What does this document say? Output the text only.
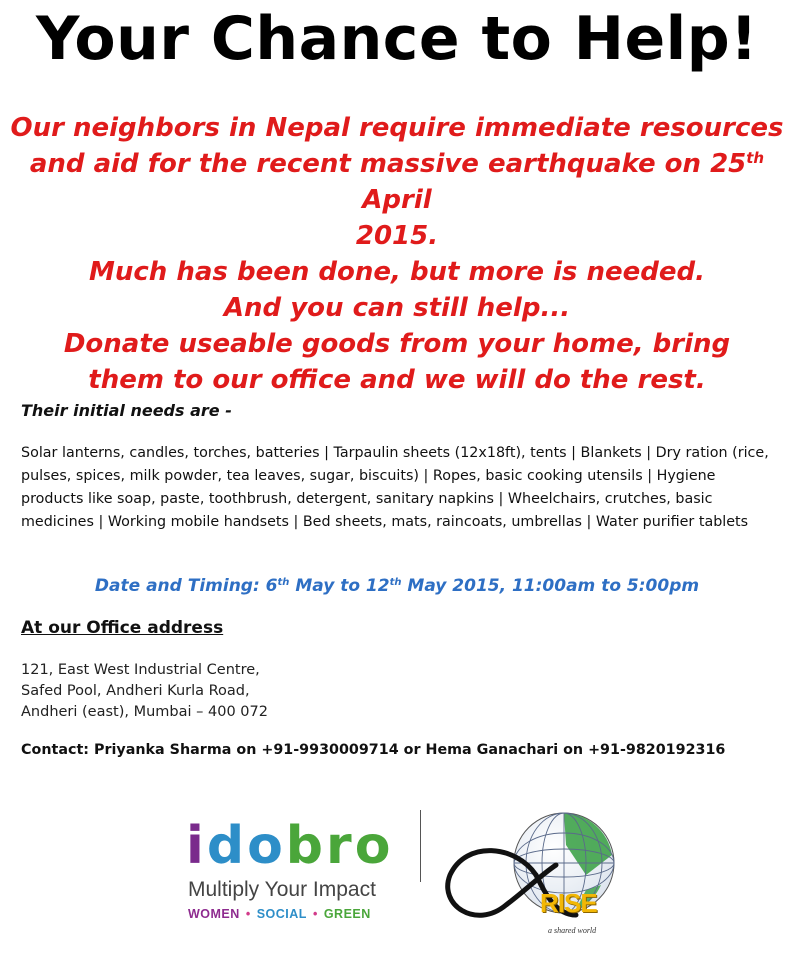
Your Chance to Help!
Our neighbors in Nepal require immediate resources
and aid for the recent massive earthquake on 25th April
2015.
Much has been done, but more is needed.
And you can still help...
Donate useable goods from your home, bring
them to our office and we will do the rest.
Their initial needs are -
Solar lanterns, candles, torches, batteries | Tarpaulin sheets (12x18ft), tents | Blankets | Dry ration (rice, pulses, spices, milk powder, tea leaves, sugar, biscuits) | Ropes, basic cooking utensils | Hygiene products like soap, paste, toothbrush, detergent, sanitary napkins | Wheelchairs, crutches, basic medicines | Working mobile handsets | Bed sheets, mats, raincoats, umbrellas | Water purifier tablets
Date and Timing: 6th May to 12th May 2015, 11:00am to 5:00pm
At our Office address
121, East West Industrial Centre,
Safed Pool, Andheri Kurla Road,
Andheri (east), Mumbai – 400 072
Contact: Priyanka Sharma on +91-9930009714 or Hema Ganachari on +91-9820192316
idobro
Multiply Your Impact
WOMEN • SOCIAL • GREEN	RISE
a shared world
